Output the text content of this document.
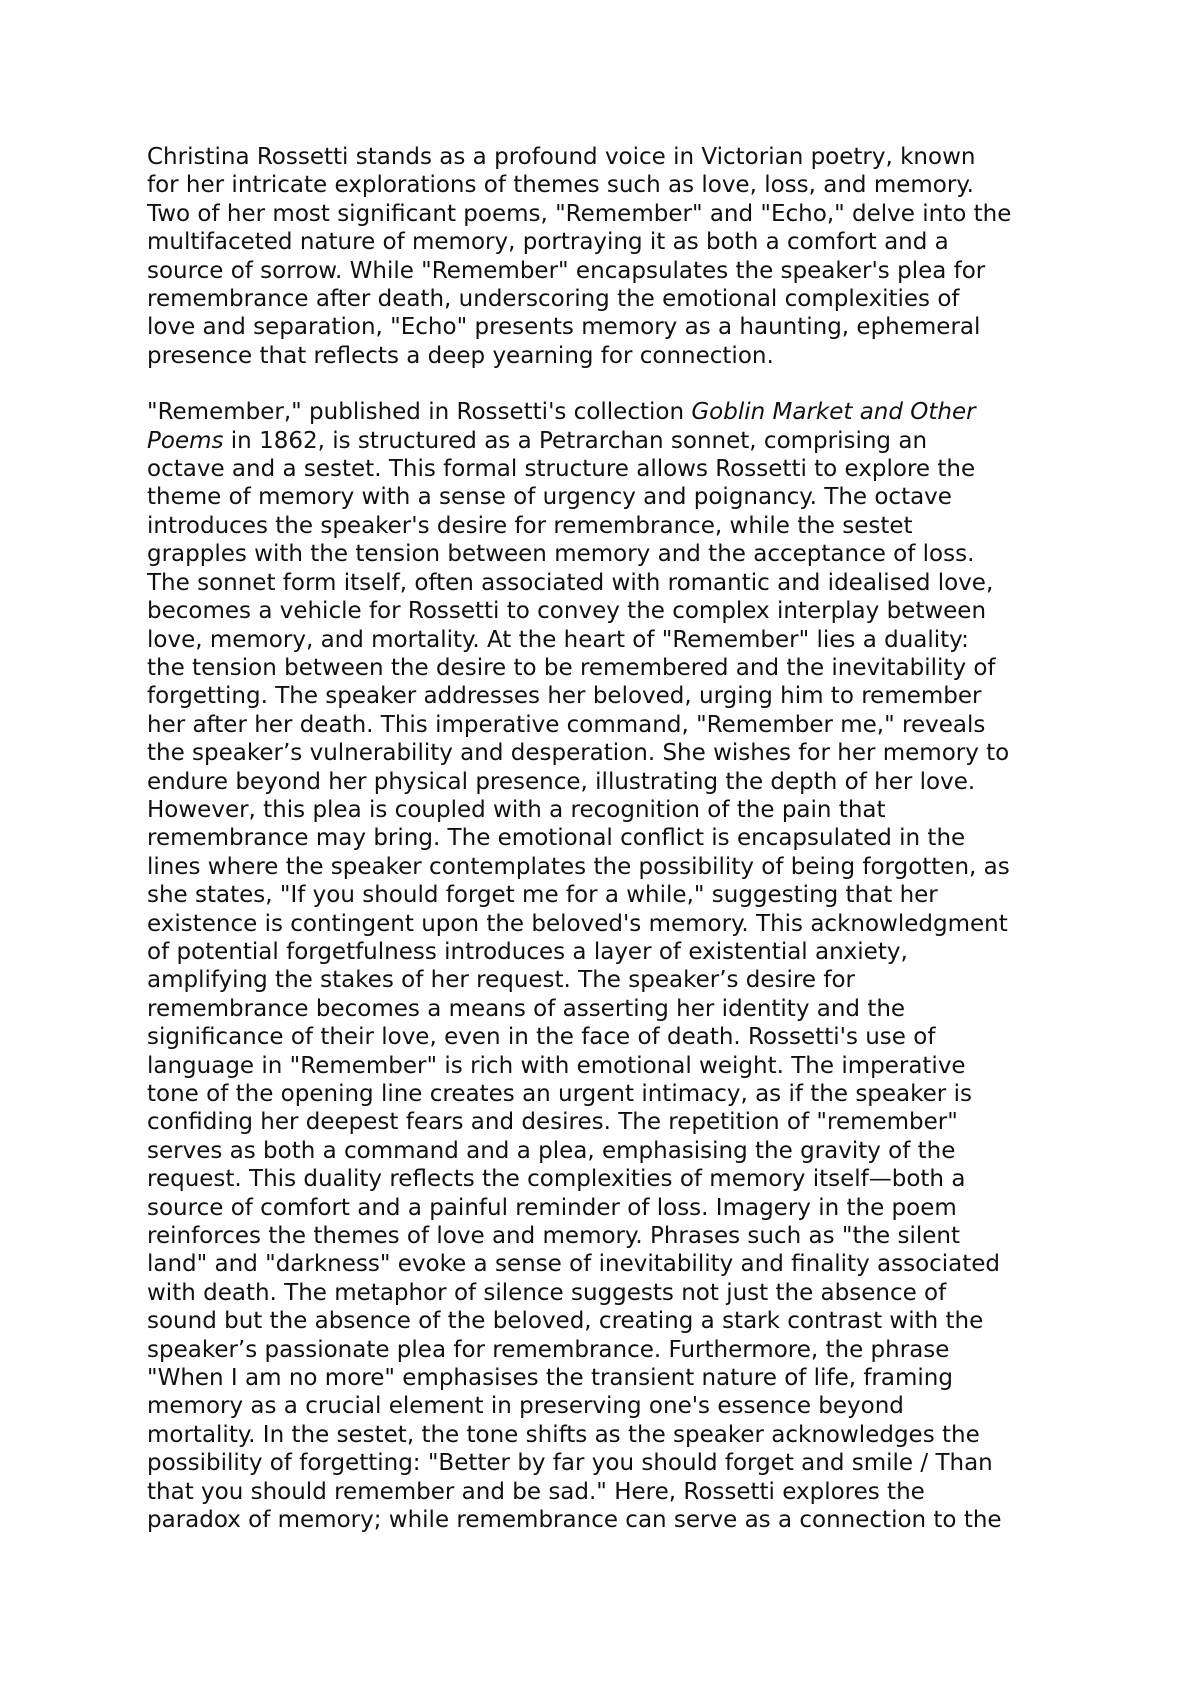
Christina Rossetti stands as a profound voice in Victorian poetry, known
for her intricate explorations of themes such as love, loss, and memory.
Two of her most significant poems, "Remember" and "Echo," delve into the
multifaceted nature of memory, portraying it as both a comfort and a
source of sorrow. While "Remember" encapsulates the speaker's plea for
remembrance after death, underscoring the emotional complexities of
love and separation, "Echo" presents memory as a haunting, ephemeral
presence that reflects a deep yearning for connection.

"Remember," published in Rossetti's collection Goblin Market and Other
Poems in 1862, is structured as a Petrarchan sonnet, comprising an
octave and a sestet. This formal structure allows Rossetti to explore the
theme of memory with a sense of urgency and poignancy. The octave
introduces the speaker's desire for remembrance, while the sestet
grapples with the tension between memory and the acceptance of loss.
The sonnet form itself, often associated with romantic and idealised love,
becomes a vehicle for Rossetti to convey the complex interplay between
love, memory, and mortality. At the heart of "Remember" lies a duality:
the tension between the desire to be remembered and the inevitability of
forgetting. The speaker addresses her beloved, urging him to remember
her after her death. This imperative command, "Remember me," reveals
the speaker’s vulnerability and desperation. She wishes for her memory to
endure beyond her physical presence, illustrating the depth of her love.
However, this plea is coupled with a recognition of the pain that
remembrance may bring. The emotional conflict is encapsulated in the
lines where the speaker contemplates the possibility of being forgotten, as
she states, "If you should forget me for a while," suggesting that her
existence is contingent upon the beloved's memory. This acknowledgment
of potential forgetfulness introduces a layer of existential anxiety,
amplifying the stakes of her request. The speaker’s desire for
remembrance becomes a means of asserting her identity and the
significance of their love, even in the face of death. Rossetti's use of
language in "Remember" is rich with emotional weight. The imperative
tone of the opening line creates an urgent intimacy, as if the speaker is
confiding her deepest fears and desires. The repetition of "remember"
serves as both a command and a plea, emphasising the gravity of the
request. This duality reflects the complexities of memory itself—both a
source of comfort and a painful reminder of loss. Imagery in the poem
reinforces the themes of love and memory. Phrases such as "the silent
land" and "darkness" evoke a sense of inevitability and finality associated
with death. The metaphor of silence suggests not just the absence of
sound but the absence of the beloved, creating a stark contrast with the
speaker’s passionate plea for remembrance. Furthermore, the phrase
"When I am no more" emphasises the transient nature of life, framing
memory as a crucial element in preserving one's essence beyond
mortality. In the sestet, the tone shifts as the speaker acknowledges the
possibility of forgetting: "Better by far you should forget and smile / Than
that you should remember and be sad." Here, Rossetti explores the
paradox of memory; while remembrance can serve as a connection to the
